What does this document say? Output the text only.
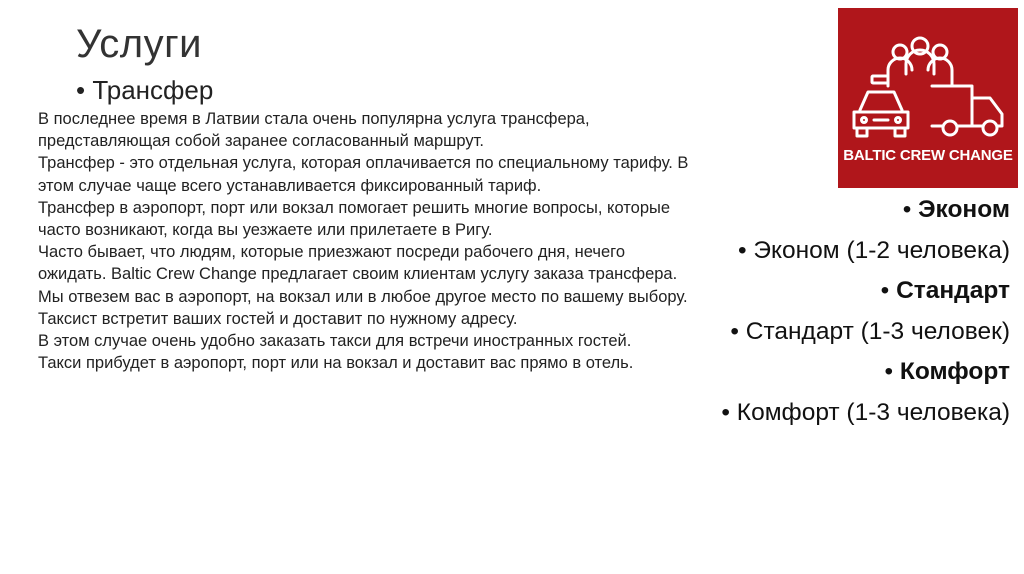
Услуги
• Трансфер

В последнее время в Латвии стала очень популярна услуга трансфера, представляющая собой заранее согласованный маршрут.

Трансфер - это отдельная услуга, которая оплачивается по специальному тарифу. В этом случае чаще всего устанавливается фиксированный тариф.

Трансфер в аэропорт, порт или вокзал помогает решить многие вопросы, которые часто возникают, когда вы уезжаете или прилетаете в Ригу.

Часто бывает, что людям, которые приезжают посреди рабочего дня, нечего ожидать. Baltic Crew Change предлагает своим клиентам услугу заказа трансфера.

Мы отвезем вас в аэропорт, на вокзал или в любое другое место по вашему выбору.

Таксист встретит ваших гостей и доставит по нужному адресу.

В этом случае очень удобно заказать такси для встречи иностранных гостей.

Такси прибудет в аэропорт, порт или на вокзал и доставит вас прямо в отель.

BALTIC CREW CHANGE
• Эконом
• Эконом (1-2 человека)
• Стандарт
• Стандарт (1-3 человек)
• Комфорт
• Комфорт (1-3 человека)
